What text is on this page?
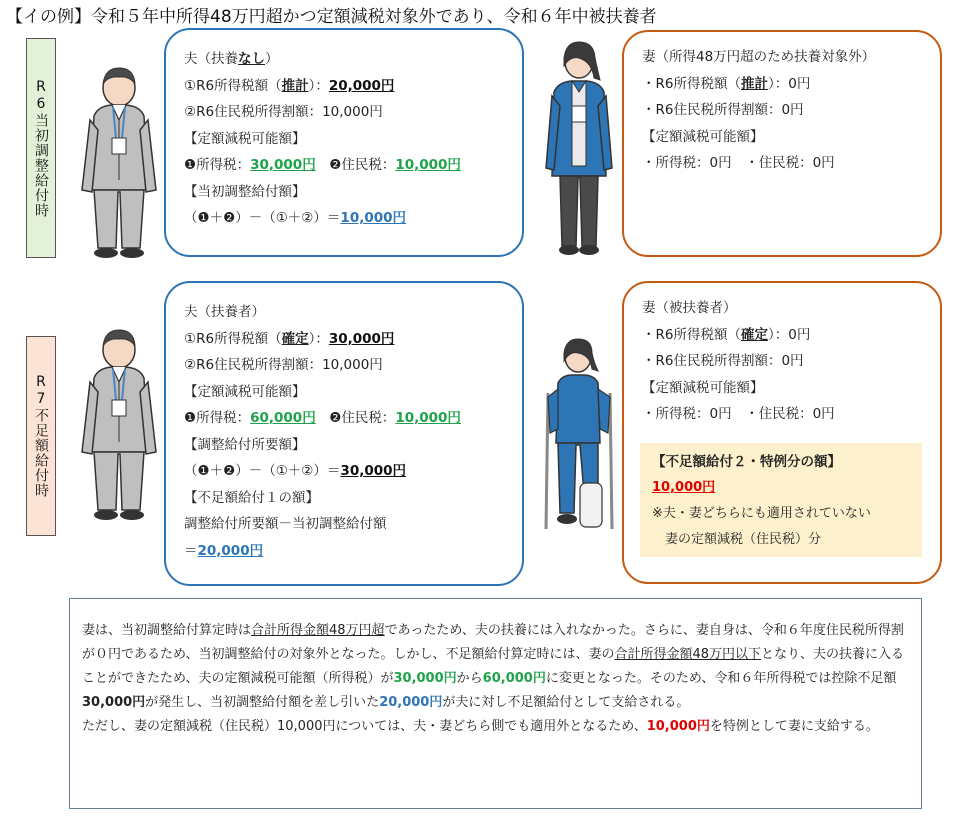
【イの例】令和５年中所得48万円超かつ定額減税対象外であり、令和６年中被扶養者
R6当初調整給付時
R7不足額給付時
夫（扶養なし）
①R6所得税額（推計）：20,000円
②R6住民税所得割額：10,000円
【定額減税可能額】
❶所得税：30,000円　 ❷住民税：10,000円
【当初調整給付額】
（❶＋❷）－（①＋②）＝10,000円
妻（所得48万円超のため扶養対象外）
・R6所得税額（推計）：0円
・R6住民税所得割額：0円
【定額減税可能額】
・所得税：0円　・住民税：0円
夫（扶養者）
①R6所得税額（確定）：30,000円
②R6住民税所得割額：10,000円
【定額減税可能額】
❶所得税：60,000円　 ❷住民税：10,000円
【調整給付所要額】
（❶＋❷）－（①＋②）＝30,000円
【不足額給付１の額】
調整給付所要額－当初調整給付額
＝20,000円
妻（被扶養者）
・R6所得税額（確定）：0円
・R6住民税所得割額：0円
【定額減税可能額】
・所得税：0円　・住民税：0円
【不足額給付２・特例分の額】
10,000円
※夫・妻どちらにも適用されていない
　妻の定額減税（住民税）分

妻は、当初調整給付算定時は合計所得金額48万円超であったため、夫の扶養には入れなかった。さらに、妻自身は、令和６年度住民税所得割が０円であるため、当初調整給付の対象外となった。しかし、不足額給付算定時には、妻の合計所得金額48万円以下となり、夫の扶養に入ることができたため、夫の定額減税可能額（所得税）が30,000円から60,000円に変更となった。そのため、令和６年所得税では控除不足額30,000円が発生し、当初調整給付額を差し引いた20,000円が夫に対し不足額給付として支給される。

ただし、妻の定額減税（住民税）10,000円については、夫・妻どちら側でも適用外となるため、10,000円を特例として妻に支給する。
